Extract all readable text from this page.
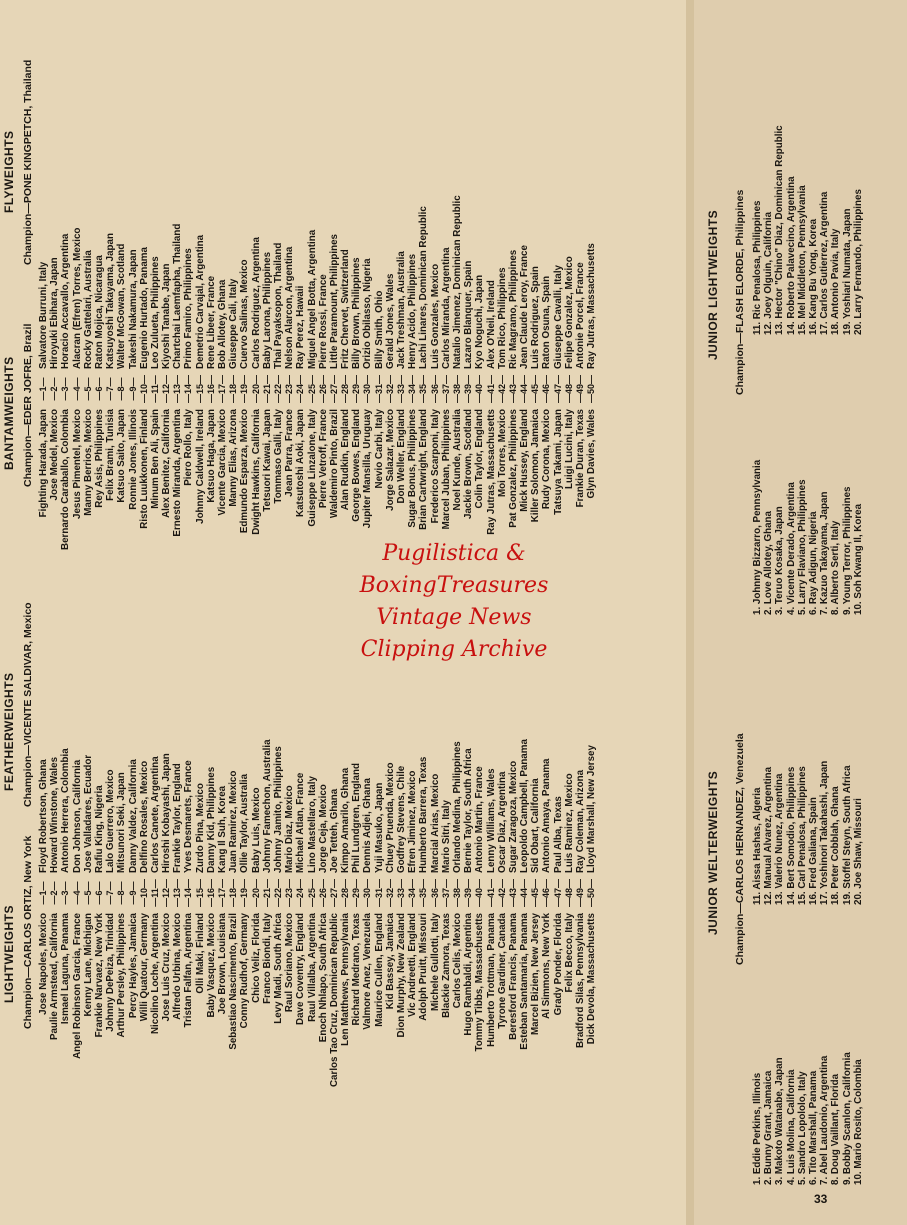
LIGHTWEIGHTS
FEATHERWEIGHTS
Champion—CARLOS ORTIZ, New York
Champion—VICENTE SALDIVAR, Mexico
Jose Napoles, Mexico
—1—
Floyd Robertson, Ghana
Paulie Armstead, California
—2—
Howard Winstone, Wales
Ismael Laguna, Panama
—3—
Antonio Herrera, Colombia
Angel Robinson Garcia, France
—4—
Don Johnson, California
Kenny Lane, Michigan
—5—
Jose Valladares, Ecuador
Frankie Narvaez, New York
—6—
Rafiu King, Nigeria
Johnny DePeiza, Trinidad
—7—
Lalo Guerrero, Mexico
Arthur Persley, Philippines
—8—
Mitsunori Seki, Japan
Percy Hayles, Jamaica
—9—
Danny Valdez, California
Willi Quatour, Germany
—10—
Delfino Rosales, Mexico
Nicolino Loche, Argentina
—11—
Carlos Canete, Argentina
Jose Luis Cruz, Mexico
—12—
Hiroshi Kobayashi, Japan
Alfredo Urbina, Mexico
—13—
Frankie Taylor, England
Tristan Falfan, Argentina
—14—
Yves Desmarets, France
Olli Maki, Finland
—15—
Zurdo Pina, Mexico
Baby Vasquez, Mexico
—16—
Danny Kid, Philippines
Joe Brown, Louisiana
—17—
Kang Il Suh, Korea
Sebastiao Nascimento, Brazil
—18—
Juan Ramirez, Mexico
Conny Rudhof, Germany
—19—
Ollie Taylor, Australia
Chico Veliz, Florida
—20—
Baby Luis, Mexico
Franco Biondi, Italy
—21—
Johnny Famechon, Australia
Levy Madi, South Africa
—22—
Johnny Jamito, Philippines
Raul Soriano, Mexico
—23—
Mario Diaz, Mexico
Dave Coventry, England
—24—
Michael Atlan, France
Raul Villalba, Argentina
—25—
Lino Mastellaro, Italy
Enoch Nhlapo, South Africa
—26—
Jorge Ceja, Mexico
Carlos Tao Cruz, Dominican Republic
—27—
Joe Tetteh, Ghana
Len Matthews, Pennsylvania
—28—
Kimpo Amarilo, Ghana
Richard Medrano, Texas
—29—
Phil Lundgren, England
Valmore Anez, Venezuela
—30—
Dennis Adjei, Ghana
Maurice Cullen, England
—31—
Yuji Masuko, Japan
Kid Bassey, Jamaica
—32—
Chuey Pruenda, Mexico
Dion Murphy, New Zealand
—33—
Godfrey Stevens, Chile
Vic Andreetti, England
—34—
Efren Jiminez, Mexico
Adolph Pruitt, Missouri
—35—
Humberto Barrera, Texas
Michele Gullotti, Italy
—36—
Marcial Arias, Mexico
Blackie Zamora, Texas
—37—
Mario Sitri, Italy
Carlos Celis, Mexico
—38—
Orlando Medina, Philippines
Hugo Rambaldi, Argentina
—39—
Bernie Taylor, South Africa
Tommy Tibbs, Massachusetts
—40—
Antonio Martin, France
Humberto Trottman, Panama
—41—
Lenny Williams, Wales
Tyrone Gardiner, Canada
—42—
Oscar Diaz, Argentina
Beresford Francis, Panama
—43—
Sugar Zaragoza, Mexico
Esteban Santamaria, Panama
—44—
Leopoldo Campbell, Panama
Marcel Bizien, New Jersey
—45—
Sid Obart, California
Al Simmons, New York
—46—
Antonio Amaya, Panama
Grady Ponder, Florida
—47—
Paul Alba, Texas
Felix Becco, Italy
—48—
Luis Ramirez, Mexico
Bradford Silas, Pennsylvania
—49—
Ray Coleman, Arizona
Dick Devola, Massachusetts
—50—
Lloyd Marshall, New Jersey
BANTAMWEIGHTS
FLYWEIGHTS
Champion—EDER JOFRE, Brazil
Champion—PONE KINGPETCH, Thailand
Fighting Harada, Japan
—1—
Salvatore Burruni, Italy
Jose Medel, Mexico
—2—
Hiroyuki Ebihara, Japan
Bernardo Caraballo, Colombia
—3—
Horacio Accavallo, Argentina
Jesus Pimentel, Mexico
—4—
Alacran (Efren) Torres, Mexico
Manny Berrios, Mexico
—5—
Rocky Gattelari, Australia
Rey Asis, Philippines
—6—
Raton Mojica, Nicaragua
Felix Brami, Tunisia
—7—
Katsuyoshi Takayama, Japan
Katsuo Saito, Japan
—8—
Walter McGowan, Scotland
Ronnie Jones, Illinois
—9—
Takeshi Nakamura, Japan
Risto Luukkonen, Finland
—10—
Eugenio Hurtado, Panama
Minum Ben Ali, Spain
—11—
Leo Zulueta, Philippines
Alex Benitez, California
—12—
Kiyoshi Tanabe, Japan
Ernesto Miranda, Argentina
—13—
Chartchai Laemfapha, Thailand
Piero Rollo, Italy
—14—
Primo Famiro, Philippines
Johnny Caldwell, Ireland
—15—
Demetrio Carvajal, Argentina
Katsuo Haga, Japan
—16—
Rene Libeer, France
Vicente Garcia, Mexico
—17—
Bob Allotey, Ghana
Manny Elias, Arizona
—18—
Giuseppe Cali, Italy
Edmundo Esparza, Mexico
—19—
Cuervo Salinas, Mexico
Dwight Hawkins, California
—20—
Carlos Rodriguez, Argentina
Tetsuori Kawai, Japan
—21—
Baby Larona, Philippines
Tommaso Galli, Italy
—22—
Thai Payaksopon, Thailand
Jean Parra, France
—23—
Nelson Alarcon, Argentina
Katsutoshi Aoki, Japan
—24—
Ray Perez, Hawaii
Guiseppe Linzalone, Italy
—25—
Miguel Angel Botta, Argentina
Pierre Vetroff, France
—26—
Pierre Rossi, France
Waldemiro Pinto, Brazil
—27—
Little Paramount, Philippines
Alan Rudkin, England
—28—
Fritz Chervet, Switzerland
George Bowes, England
—29—
Billy Brown, Philippines
Jupiter Mansilla, Uruguay
—30—
Orizio Obilasso, Nigeria
Nevio Carbi, Italy
—31—
Billy Smith, Ohio
Jorge Salazar, Mexico
—32—
Gerald Jones, Wales
Don Weller, England
—33—
Jack Treshman, Australia
Sugar Bonus, Philippines
—34—
Henry Acido, Philippines
Brian Cartwright, England
—35—
Lachi Linares, Dominican Republic
Frederico Scarponi, Italy
—36—
Luis Gonzales, Mexico
Marcel Juban, Philippines
—37—
Carlos Miranda, Argentina
Noel Kunde, Australia
—38—
Natalio Jimenez, Dominican Republic
Jackie Brown, Scotland
—39—
Lazaro Blanquer, Spain
Colin Taylor, England
—40—
Kyo Noguchi, Japan
Ray Jutras, Massachusetts
—41—
Alex O'Neil, Ireland
Moi Torres, Mexico
—42—
Tom Rico, Philippines
Pat Gonzalez, Philippines
—43—
Ric Magramo, Philippines
Mick Hussey, England
—44—
Jean Claude Leroy, France
Killer Solomon, Jamaica
—45—
Luis Rodriguez, Spain
Rudy Corona, Mexico
—46—
Raton Osuna, Spain
Tatsuya Takami, Japan
—47—
Giuseppe Cavalli, Italy
Luigi Lucini, Italy
—48—
Felipe Gonzalez, Mexico
Frankie Duran, Texas
—49—
Antonie Porcel, France
Glyn Davies, Wales
—50—
Ray Jutras, Massachusetts
JUNIOR WELTERWEIGHTS Champion—CARLOS HERNANDEZ, Venezuela
1. Eddie Perkins, Illinois 2. Bunny Grant, Jamaica 3. Makoto Watanabe, Japan 4. Luis Molina, California 5. Sandro Lopololo, Italy 6. Tito Marshall, Panama 7. Abel Laudonio, Argentina 8. Doug Vaillant, Florida 9. Bobby Scanlon, California 10. Mario Rosito, Colombia
11. Aissa Hashas, Algeria 12. Manual Alvarez, Argentina 13. Valerio Nunez, Argentina 14. Bert Somodio, Philippines 15. Carl Penalosa, Philippines 16. Fred Galiana, Spain 17. Yoshinori Takahashi, Japan 18. Peter Cobblah, Ghana 19. Stoffel Steyn, South Africa 20. Joe Shaw, Missouri
JUNIOR LIGHTWEIGHTS Champion—FLASH ELORDE, Philippines
1. Johnny Bizzarro, Pennsylvania 2. Love Allotey, Ghana 3. Teruo Kosaka, Japan 4. Vicente Derado, Argentina 5. Larry Flaviano, Philippines 6. Ray Adigun, Nigeria 7. Kazuo Takayama, Japan 8. Alberto Serti, Italy 9. Young Terror, Philippines 10. Soh Kwang Il, Korea
11. Ric Penalosa, Philippines 12. Joey Olguin, California 13. Hector "Chino" Diaz, Dominican Republic 14. Roberto Palavecino, Argentina 15. Mel Middleton, Pennsylvania 16. Kang Bu Yong, Korea 17. Carlos Gutierrez, Argentina 18. Antonio Pavia, Italy 19. Yoshiari Numata, Japan 20. Larry Fernando, Philippines
Pugilistica &
BoxingTreasures
Vintage News
Clipping Archive
33
